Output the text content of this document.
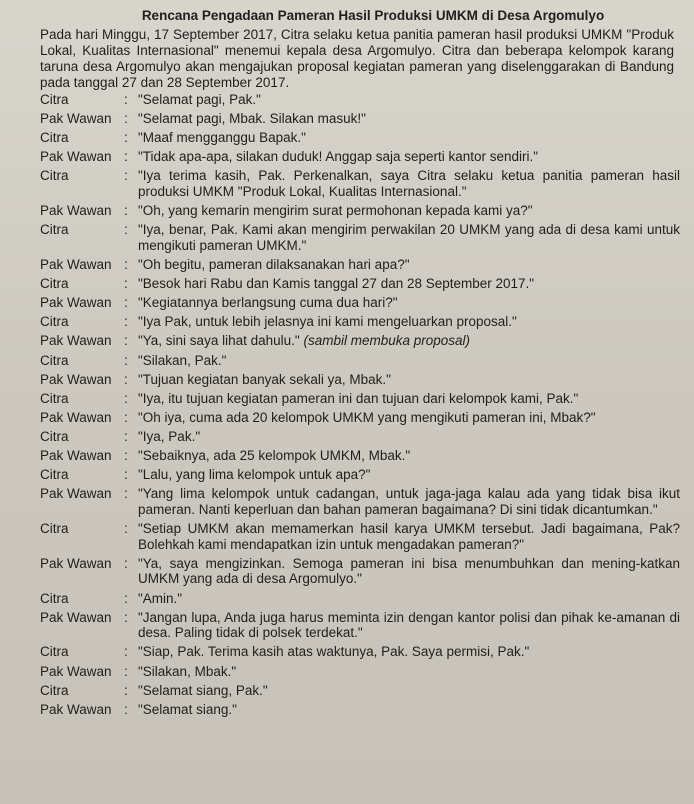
Rencana Pengadaan Pameran Hasil Produksi UMKM di Desa Argomulyo
Pada hari Minggu, 17 September 2017, Citra selaku ketua panitia pameran hasil produksi UMKM "Produk Lokal, Kualitas Internasional" menemui kepala desa Argomulyo. Citra dan beberapa kelompok karang taruna desa Argomulyo akan mengajukan proposal kegiatan pameran yang diselenggarakan di Bandung pada tanggal 27 dan 28 September 2017.
Citra	: "Selamat pagi, Pak."
Pak Wawan : "Selamat pagi, Mbak. Silakan masuk!"
Citra	: "Maaf mengganggu Bapak."
Pak Wawan : "Tidak apa-apa, silakan duduk! Anggap saja seperti kantor sendiri."
Citra	: "Iya terima kasih, Pak. Perkenalkan, saya Citra selaku ketua panitia pameran hasil produksi UMKM "Produk Lokal, Kualitas Internasional."
Pak Wawan : "Oh, yang kemarin mengirim surat permohonan kepada kami ya?"
Citra	: "Iya, benar, Pak. Kami akan mengirim perwakilan 20 UMKM yang ada di desa kami untuk mengikuti pameran UMKM."
Pak Wawan : "Oh begitu, pameran dilaksanakan hari apa?"
Citra	: "Besok hari Rabu dan Kamis tanggal 27 dan 28 September 2017."
Pak Wawan : "Kegiatannya berlangsung cuma dua hari?"
Citra	: "Iya Pak, untuk lebih jelasnya ini kami mengeluarkan proposal."
Pak Wawan : "Ya, sini saya lihat dahulu." (sambil membuka proposal)
Citra	: "Silakan, Pak."
Pak Wawan : "Tujuan kegiatan banyak sekali ya, Mbak."
Citra	: "Iya, itu tujuan kegiatan pameran ini dan tujuan dari kelompok kami, Pak."
Pak Wawan : "Oh iya, cuma ada 20 kelompok UMKM yang mengikuti pameran ini, Mbak?"
Citra	: "Iya, Pak."
Pak Wawan : "Sebaiknya, ada 25 kelompok UMKM, Mbak."
Citra	: "Lalu, yang lima kelompok untuk apa?"
Pak Wawan : "Yang lima kelompok untuk cadangan, untuk jaga-jaga kalau ada yang tidak bisa ikut pameran. Nanti keperluan dan bahan pameran bagaimana? Di sini tidak dicantumkan."
Citra	: "Setiap UMKM akan memamerkan hasil karya UMKM tersebut. Jadi bagaimana, Pak? Bolehkah kami mendapatkan izin untuk mengadakan pameran?"
Pak Wawan : "Ya, saya mengizinkan. Semoga pameran ini bisa menumbuhkan dan mening-katkan UMKM yang ada di desa Argomulyo."
Citra	: "Amin."
Pak Wawan : "Jangan lupa, Anda juga harus meminta izin dengan kantor polisi dan pihak ke-amanan di desa. Paling tidak di polsek terdekat."
Citra	: "Siap, Pak. Terima kasih atas waktunya, Pak. Saya permisi, Pak."
Pak Wawan : "Silakan, Mbak."
Citra	: "Selamat siang, Pak."
Pak Wawan : "Selamat siang."
